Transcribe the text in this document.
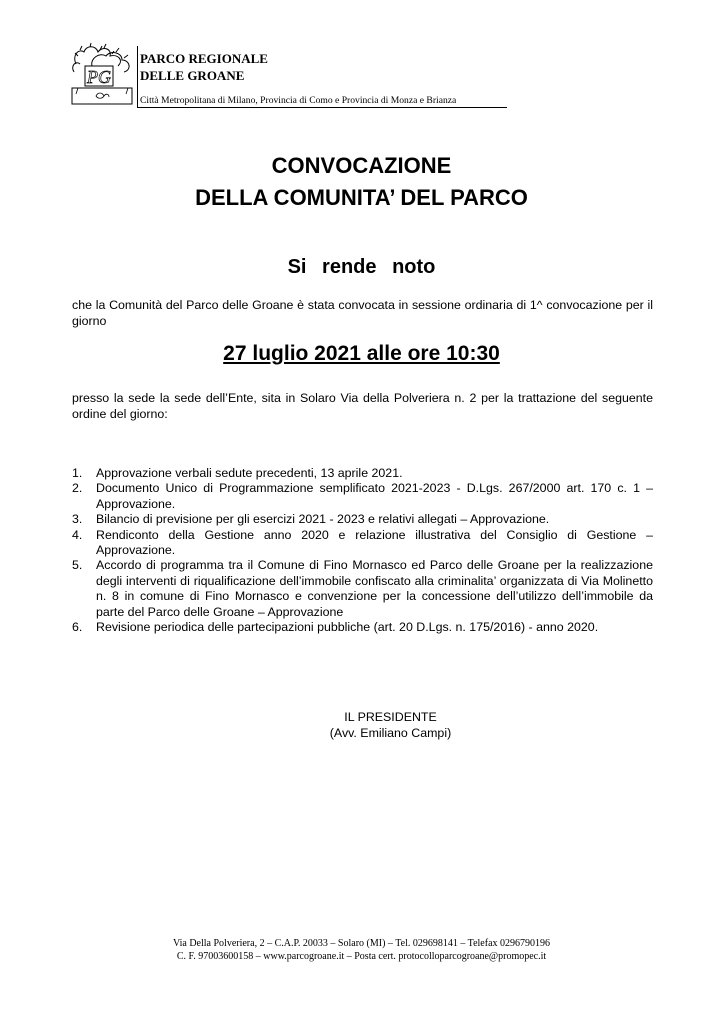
PG
PARCO REGIONALE
DELLE GROANE
Città Metropolitana di Milano, Provincia di Como e Provincia di Monza e Brianza
CONVOCAZIONE
DELLA COMUNITA’ DEL PARCO
Si rende noto
che la Comunità del Parco delle Groane è stata convocata in sessione ordinaria di 1^ convocazione per il giorno
27 luglio 2021 alle ore 10:30
presso la sede la sede dell’Ente, sita in Solaro Via della Polveriera n. 2 per la trattazione del seguente ordine del giorno:
1.	Approvazione verbali sedute precedenti, 13 aprile 2021.
2.	Documento Unico di Programmazione semplificato 2021-2023 - D.Lgs. 267/2000 art. 170 c. 1 – Approvazione.
3.	Bilancio di previsione per gli esercizi 2021 - 2023 e relativi allegati – Approvazione.
4.	Rendiconto della Gestione anno 2020 e relazione illustrativa del Consiglio di Gestione – Approvazione.
5.	Accordo di programma tra il Comune di Fino Mornasco ed Parco delle Groane per la realizzazione degli interventi di riqualificazione dell’immobile confiscato alla criminalita’ organizzata di Via Molinetto n. 8 in comune di Fino Mornasco e convenzione per la concessione dell’utilizzo dell’immobile da parte del Parco delle Groane – Approvazione
6.	Revisione periodica delle partecipazioni pubbliche (art. 20 D.Lgs. n. 175/2016) - anno 2020.
IL PRESIDENTE
(Avv. Emiliano Campi)
Via Della Polveriera, 2 – C.A.P. 20033 – Solaro (MI) – Tel. 029698141 – Telefax 0296790196
C. F. 97003600158 – www.parcogroane.it – Posta cert. protocolloparcogroane@promopec.it
